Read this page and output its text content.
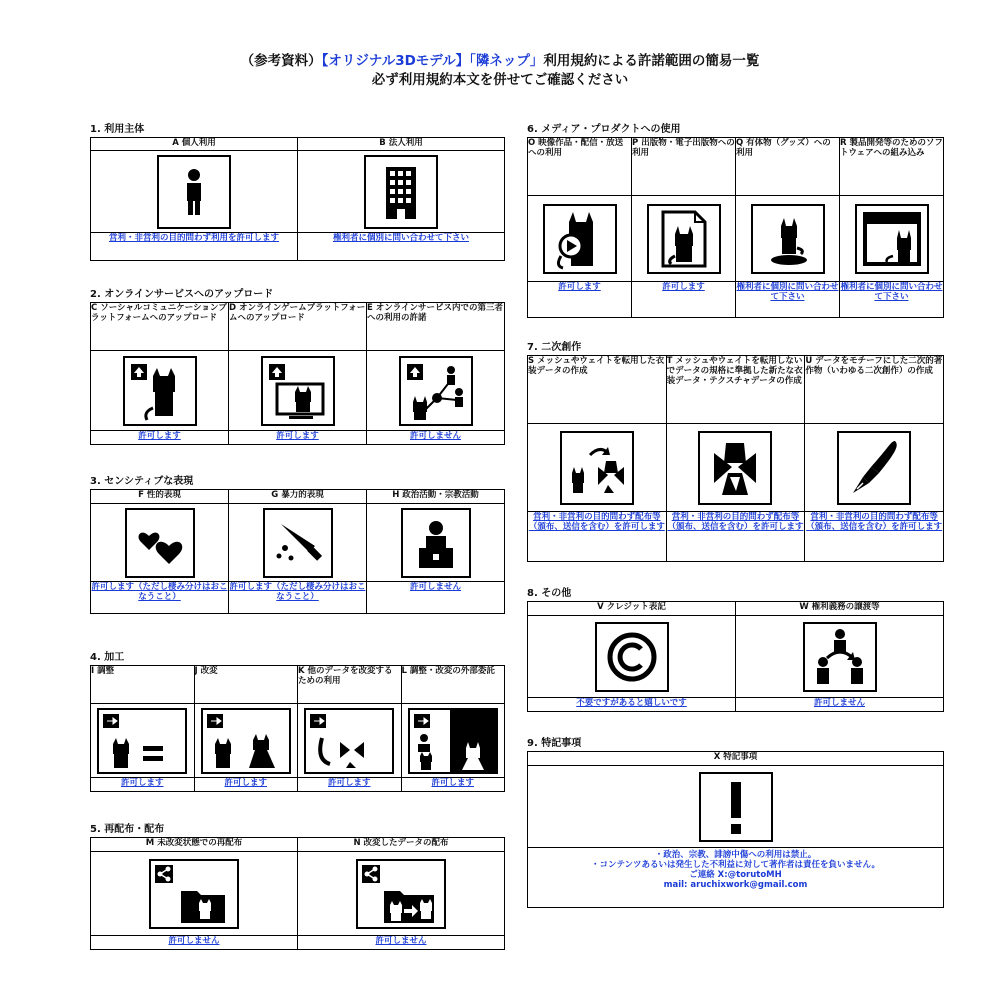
（参考資料）【オリジナル3Dモデル】「隣ネップ」利用規約による許諾範囲の簡易一覧
必ず利用規約本文を併せてご確認ください
1. 利用主体
A 個人利用	B 法人利用

営利・非営利の目的問わず利用を許可します	権利者に個別に問い合わせて下さい
2. オンラインサービスへのアップロード
C ソーシャルコミュニケーションプラットフォームへのアップロード	D オンラインゲームプラットフォームへのアップロード	E オンラインサービス内での第三者への利用の許諾

許可します	許可します	許可しません
3. センシティブな表現
F 性的表現	G 暴力的表現	H 政治活動・宗教活動

許可します（ただし棲み分けはおこなうこと）	許可します（ただし棲み分けはおこなうこと）	許可しません
4. 加工
I 調整	J 改変	K 他のデータを改変するための利用	L 調整・改変の外部委託

許可します	許可します	許可します	許可します
5. 再配布・配布
M 未改変状態での再配布	N 改変したデータの配布

許可しません	許可しません
6. メディア・プロダクトへの使用
O 映像作品・配信・放送への利用	P 出版物・電子出版物への利用	Q 有体物（グッズ）への利用	R 製品開発等のためのソフトウェアへの組み込み

許可します	許可します	権利者に個別に問い合わせて下さい	権利者に個別に問い合わせて下さい
7. 二次創作
S メッシュやウェイトを転用した衣装データの作成	T メッシュやウェイトを転用しないでデータの規格に準拠した新たな衣装データ・テクスチャデータの作成	U データをモチーフにした二次的著作物（いわゆる二次創作）の作成

営利・非営利の目的問わず配布等（頒布、送信を含む）を許可します	営利・非営利の目的問わず配布等（頒布、送信を含む）を許可します	営利・非営利の目的問わず配布等（頒布、送信を含む）を許可します
8. その他
V クレジット表記	W 権利義務の譲渡等

不要ですがあると嬉しいです	許可しません
9. 特記事項
X 特記事項

・政治、宗教、誹謗中傷への利用は禁止。
・コンテンツあるいは発生した不利益に対して著作者は責任を負いません。
ご連絡 X:@torutoMH
mail: aruchixwork@gmail.com
